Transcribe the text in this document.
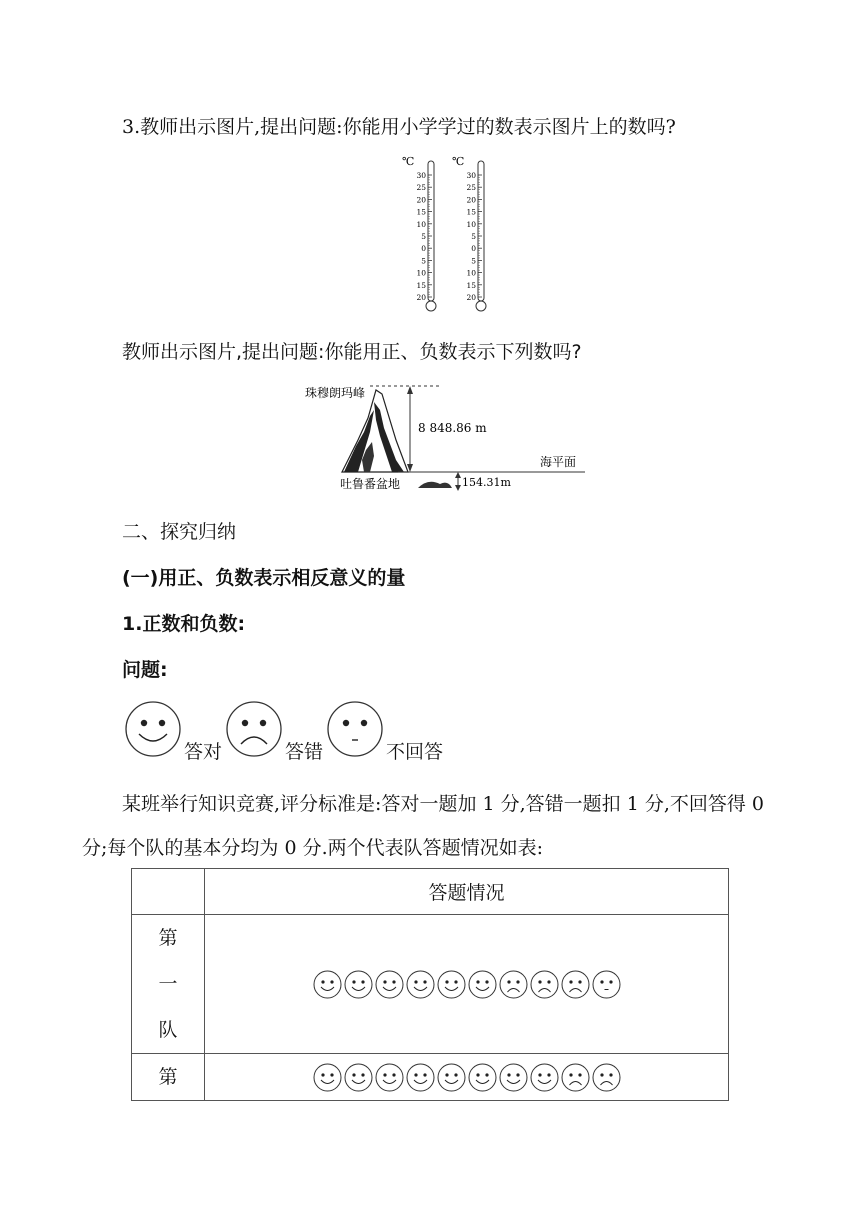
3.教师出示图片,提出问题:你能用小学学过的数表示图片上的数吗?
℃
30
25
20
15
10
5
0
5
10
15
20
℃
30
25
20
15
10
5
0
5
10
15
20
教师出示图片,提出问题:你能用正、负数表示下列数吗?
珠穆朗玛峰
8 848.86 m
海平面
吐鲁番盆地	154.31m
二、探究归纳
(一)用正、负数表示相反意义的量
1.正数和负数:
问题:
答对	答错	不回答
某班举行知识竞赛,评分标准是:答对一题加 1 分,答错一题扣 1 分,不回答得 0
分;每个队的基本分均为 0 分.两个代表队答题情况如表:
	答题情况

第
一
队

第
